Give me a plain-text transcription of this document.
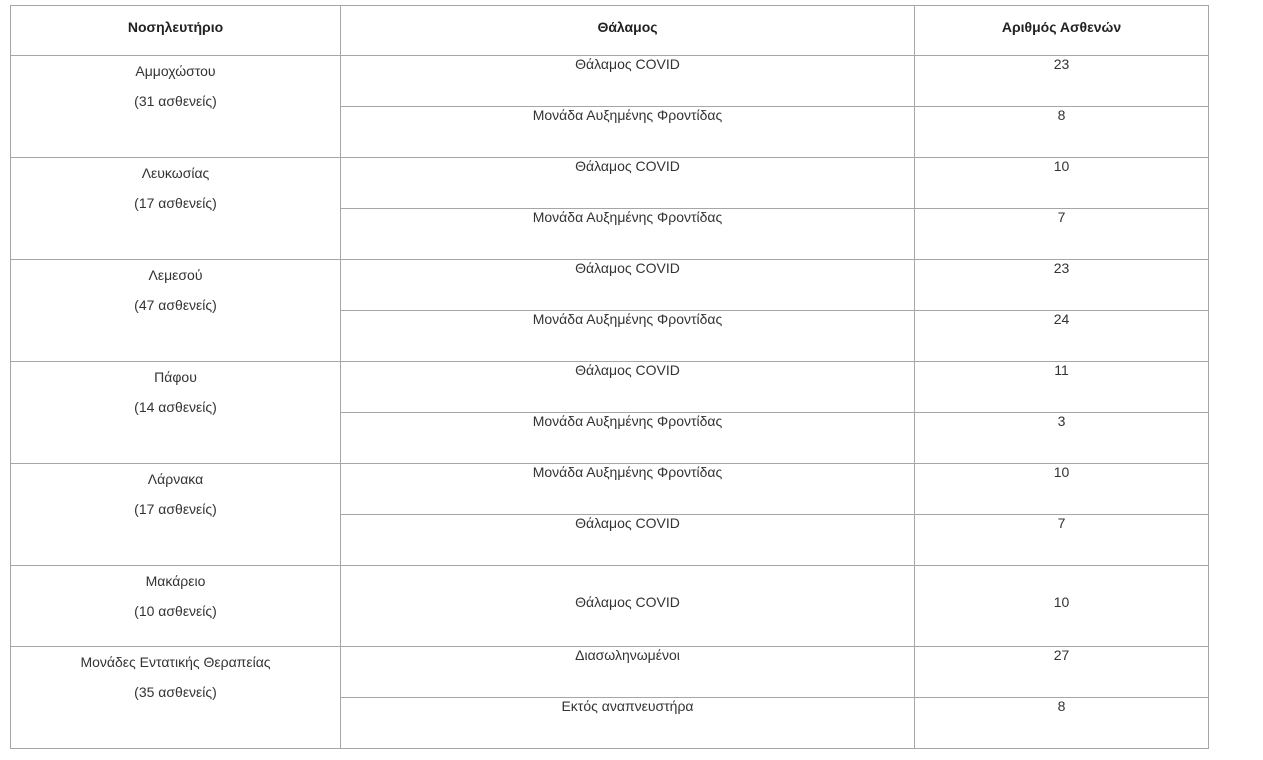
Νοσηλευτήριο	Θάλαμος	Αριθμός Ασθενών

Αμμοχώστου
(31 ασθενείς)	Θάλαμος COVID	23
	Μονάδα Αυξημένης Φροντίδας	8

Λευκωσίας
(17 ασθενείς)	Θάλαμος COVID	10
	Μονάδα Αυξημένης Φροντίδας	7

Λεμεσού
(47 ασθενείς)	Θάλαμος COVID	23
	Μονάδα Αυξημένης Φροντίδας	24

Πάφου
(14 ασθενείς)	Θάλαμος COVID	11
	Μονάδα Αυξημένης Φροντίδας	3

Λάρνακα
(17 ασθενείς)	Μονάδα Αυξημένης Φροντίδας	10
	Θάλαμος COVID	7

Μακάρειο
(10 ασθενείς)	Θάλαμος COVID	10

Μονάδες Εντατικής Θεραπείας
(35 ασθενείς)	Διασωληνωμένοι	27
	Εκτός αναπνευστήρα	8
